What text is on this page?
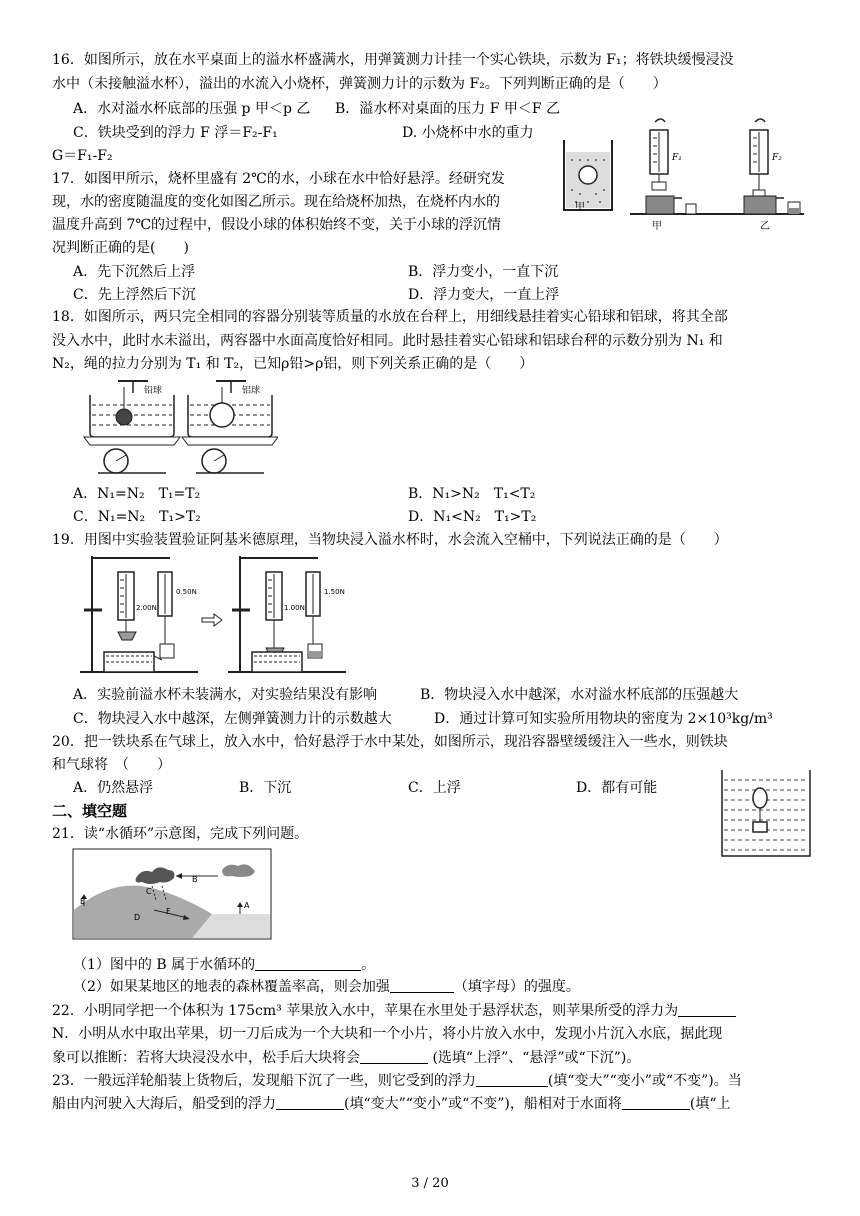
16．如图所示，放在水平桌面上的溢水杯盛满水，用弹簧测力计挂一个实心铁块，示数为 F₁；将铁块缓慢浸没
水中（未接触溢水杯），溢出的水流入小烧杯，弹簧测力计的示数为 F₂。下列判断正确的是（　　）
A．水对溢水杯底部的压强 p 甲＜p 乙 B．溢水杯对桌面的压力 F 甲＜F 乙
C．铁块受到的浮力 F 浮＝F₂-F₁	D. 小烧杯中水的重力
G＝F₁-F₂	F₁	F₂
甲
甲	乙
17．如图甲所示，烧杯里盛有 2℃的水，小球在水中恰好悬浮。经研究发
现，水的密度随温度的变化如图乙所示。现在给烧杯加热，在烧杯内水的
温度升高到 7℃的过程中，假设小球的体积始终不变，关于小球的浮沉情
况判断正确的是(　　)
A．先下沉然后上浮	B．浮力变小，一直下沉
C．先上浮然后下沉	D．浮力变大，一直上浮
18．如图所示，两只完全相同的容器分别装等质量的水放在台秤上，用细线悬挂着实心铅球和铝球，将其全部
没入水中，此时水未溢出，两容器中水面高度恰好相同。此时悬挂着实心铅球和铝球台秤的示数分别为 N₁ 和
N₂，绳的拉力分别为 T₁ 和 T₂，已知ρ铅>ρ铝，则下列关系正确的是（　　）
铅球	铝球
A．N₁=N₂　T₁=T₂	B．N₁>N₂　T₁<T₂
C．N₁=N₂　T₁>T₂	D．N₁<N₂　T₁>T₂
19．用图中实验装置验证阿基米德原理，当物块浸入溢水杯时，水会流入空桶中，下列说法正确的是（　　）
2.00N
0.50N
1.00N
1.50N
A．实验前溢水杯未装满水，对实验结果没有影响	B．物块浸入水中越深，水对溢水杯底部的压强越大
C．物块浸入水中越深，左侧弹簧测力计的示数越大	D．通过计算可知实验所用物块的密度为 2×10³kg/m³
20．把一铁块系在气球上，放入水中，恰好悬浮于水中某处，如图所示，现沿容器壁缓缓注入一些水，则铁块
和气球将　（　　）
A．仍然悬浮	B．下沉	C．上浮	D．都有可能
二、填空题
21．读“水循环”示意图，完成下列问题。
B
C
E
D
F
A
（1）图中的 B 属于水循环的	。
（2）如果某地区的地表的森林覆盖率高，则会加强	（填字母）的强度。
22．小明同学把一个体积为 175cm³ 苹果放入水中，苹果在水里处于悬浮状态，则苹果所受的浮力为
N．小明从水中取出苹果，切一刀后成为一个大块和一个小片，将小片放入水中，发现小片沉入水底，据此现
象可以推断：若将大块浸没水中，松手后大块将会	(选填“上浮”、“悬浮”或“下沉”)。
23．一般远洋轮船装上货物后，发现船下沉了一些，则它受到的浮力	(填“变大”“变小”或“不变”)。当
船由内河驶入大海后，船受到的浮力	(填“变大”“变小”或“不变”)，船相对于水面将	(填“上
3 / 20
